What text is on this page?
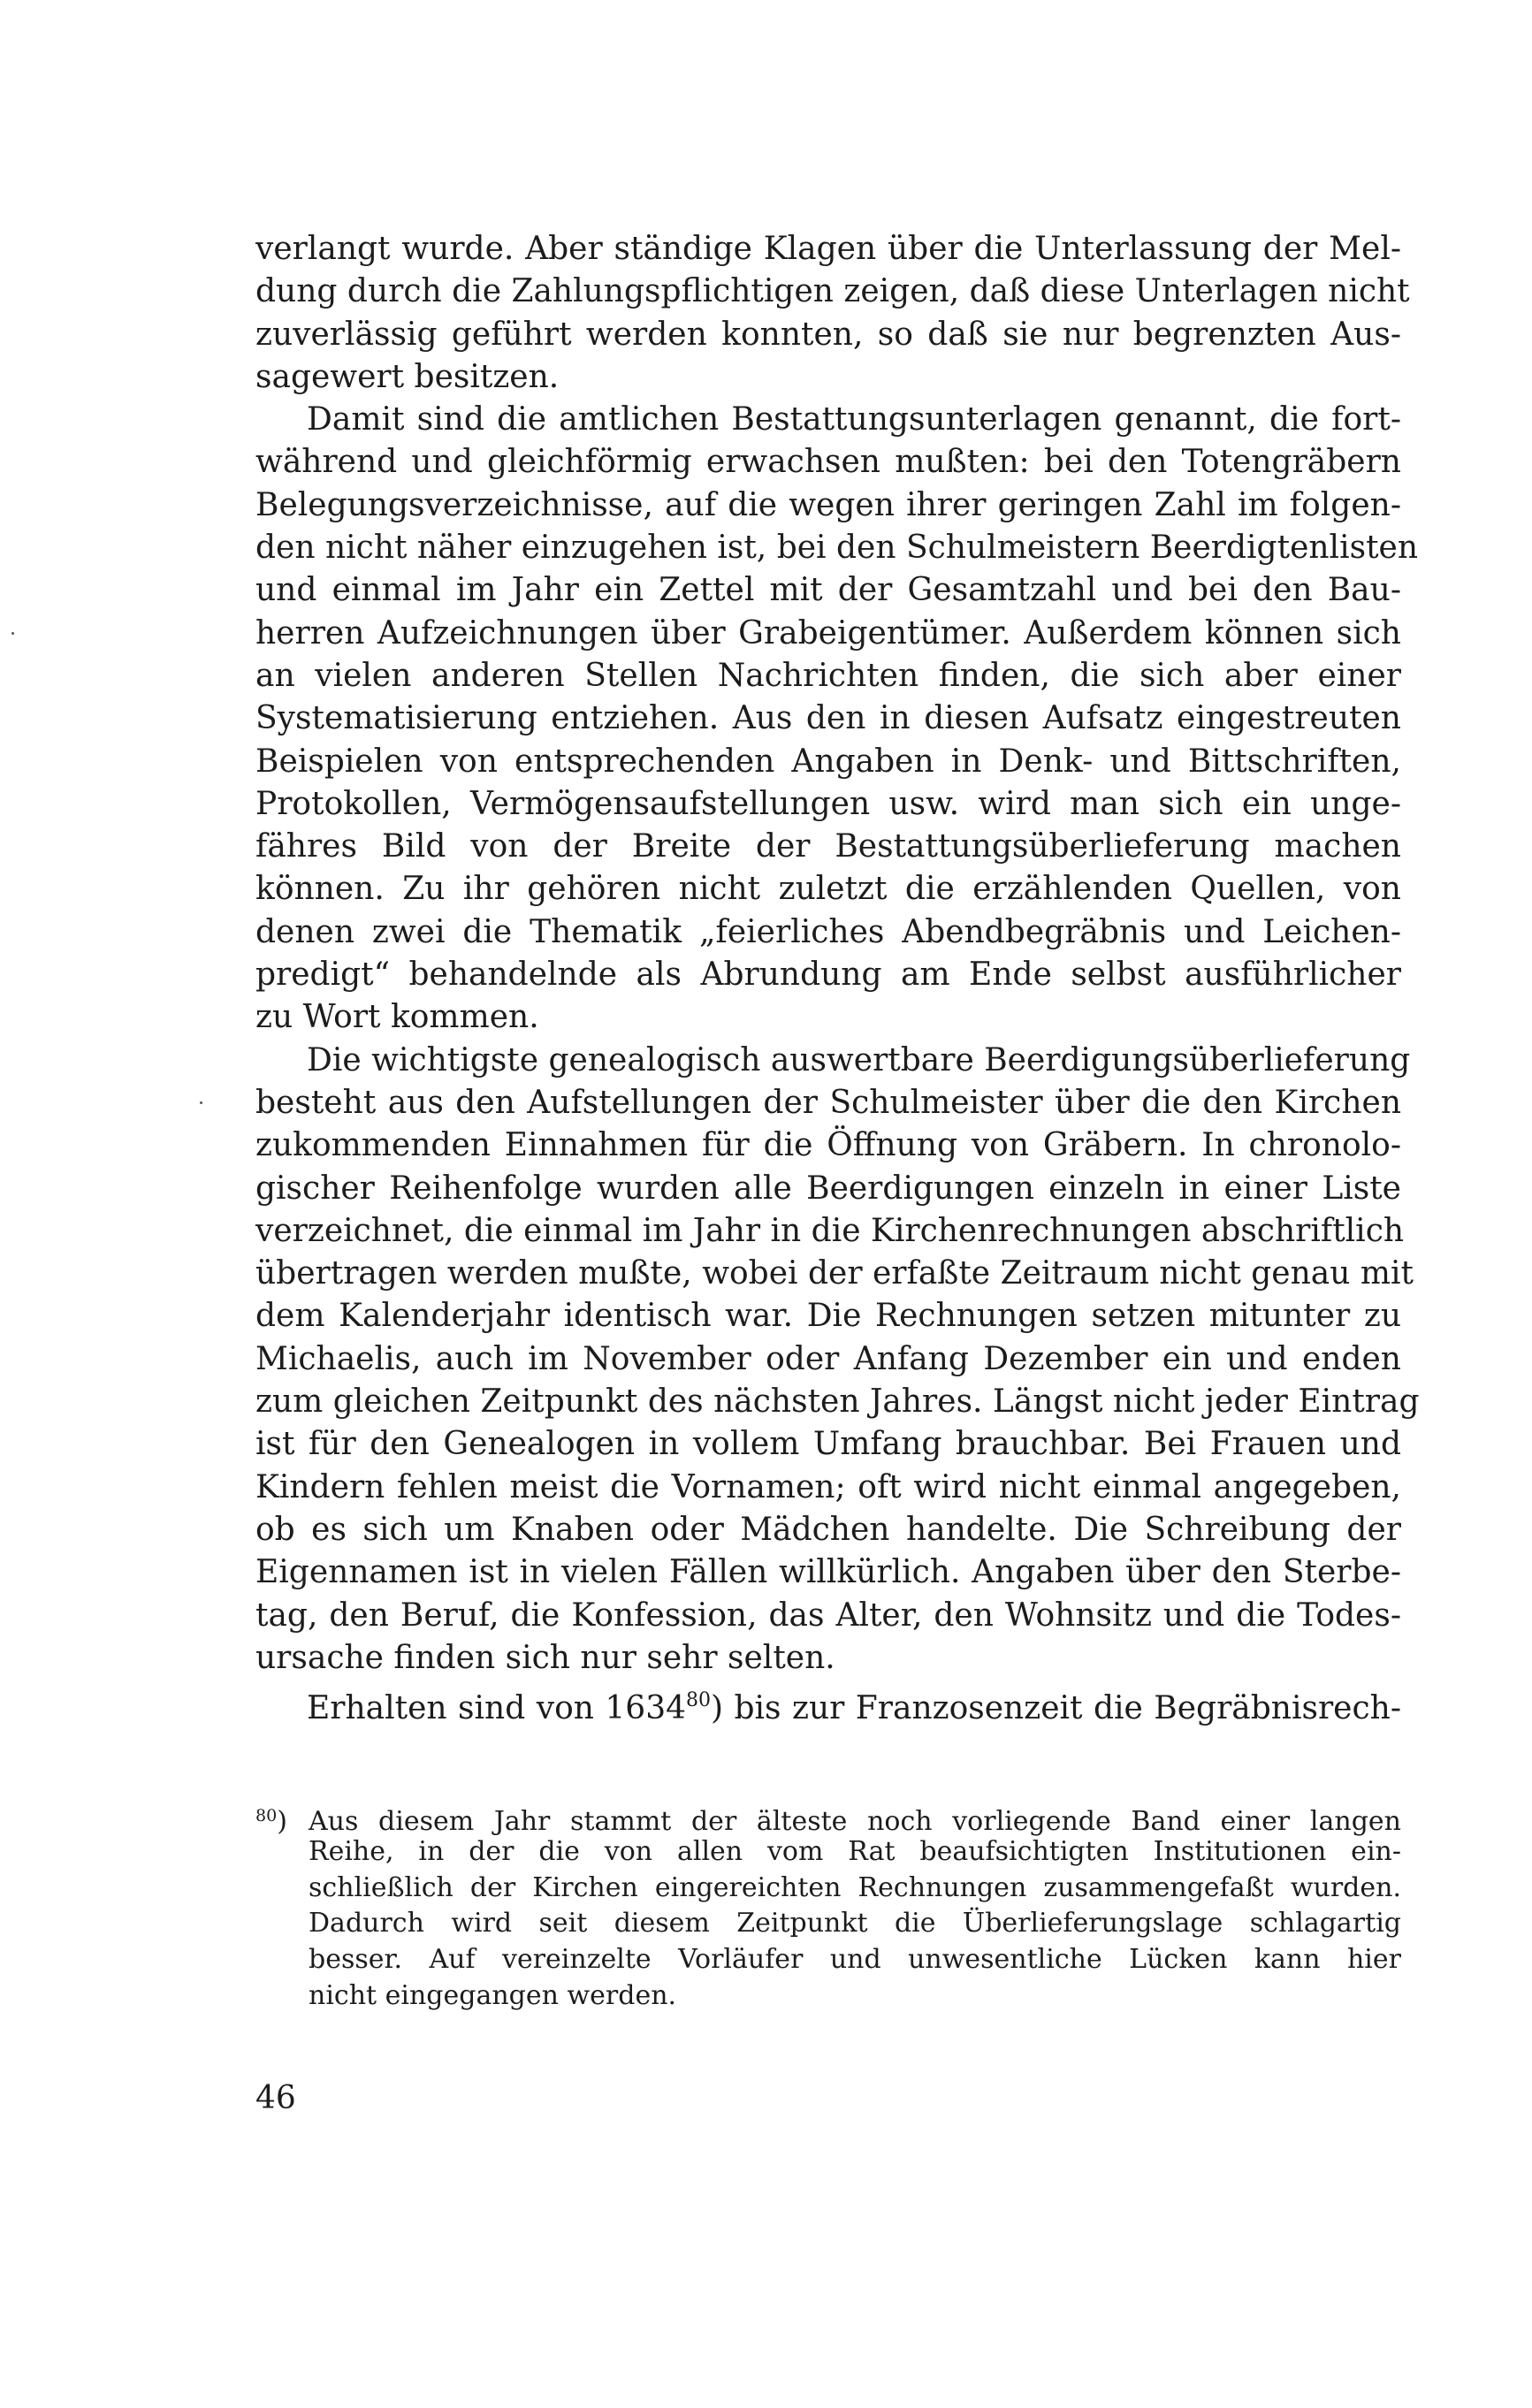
verlangt wurde. Aber ständige Klagen über die Unterlassung der Mel-
dung durch die Zahlungspflichtigen zeigen, daß diese Unterlagen nicht
zuverlässig geführt werden konnten, so daß sie nur begrenzten Aus-
sagewert besitzen.
Damit sind die amtlichen Bestattungsunterlagen genannt, die fort-
während und gleichförmig erwachsen mußten: bei den Totengräbern
Belegungsverzeichnisse, auf die wegen ihrer geringen Zahl im folgen-
den nicht näher einzugehen ist, bei den Schulmeistern Beerdigtenlisten
und einmal im Jahr ein Zettel mit der Gesamtzahl und bei den Bau-
herren Aufzeichnungen über Grabeigentümer. Außerdem können sich
an vielen anderen Stellen Nachrichten finden, die sich aber einer
Systematisierung entziehen. Aus den in diesen Aufsatz eingestreuten
Beispielen von entsprechenden Angaben in Denk- und Bittschriften,
Protokollen, Vermögensaufstellungen usw. wird man sich ein unge-
fähres Bild von der Breite der Bestattungsüberlieferung machen
können. Zu ihr gehören nicht zuletzt die erzählenden Quellen, von
denen zwei die Thematik „feierliches Abendbegräbnis und Leichen-
predigt“ behandelnde als Abrundung am Ende selbst ausführlicher
zu Wort kommen.
Die wichtigste genealogisch auswertbare Beerdigungsüberlieferung
besteht aus den Aufstellungen der Schulmeister über die den Kirchen
zukommenden Einnahmen für die Öffnung von Gräbern. In chronolo-
gischer Reihenfolge wurden alle Beerdigungen einzeln in einer Liste
verzeichnet, die einmal im Jahr in die Kirchenrechnungen abschriftlich
übertragen werden mußte, wobei der erfaßte Zeitraum nicht genau mit
dem Kalenderjahr identisch war. Die Rechnungen setzen mitunter zu
Michaelis, auch im November oder Anfang Dezember ein und enden
zum gleichen Zeitpunkt des nächsten Jahres. Längst nicht jeder Eintrag
ist für den Genealogen in vollem Umfang brauchbar. Bei Frauen und
Kindern fehlen meist die Vornamen; oft wird nicht einmal angegeben,
ob es sich um Knaben oder Mädchen handelte. Die Schreibung der
Eigennamen ist in vielen Fällen willkürlich. Angaben über den Sterbe-
tag, den Beruf, die Konfession, das Alter, den Wohnsitz und die Todes-
ursache finden sich nur sehr selten.
Erhalten sind von 1634$^{80}$) bis zur Franzosenzeit die Begräbnisrech-
$^{80}$) Aus diesem Jahr stammt der älteste noch vorliegende Band einer langen
Reihe, in der die von allen vom Rat beaufsichtigten Institutionen ein-
schließlich der Kirchen eingereichten Rechnungen zusammengefaßt wurden.
Dadurch wird seit diesem Zeitpunkt die Überlieferungslage schlagartig
besser. Auf vereinzelte Vorläufer und unwesentliche Lücken kann hier
nicht eingegangen werden.
46
